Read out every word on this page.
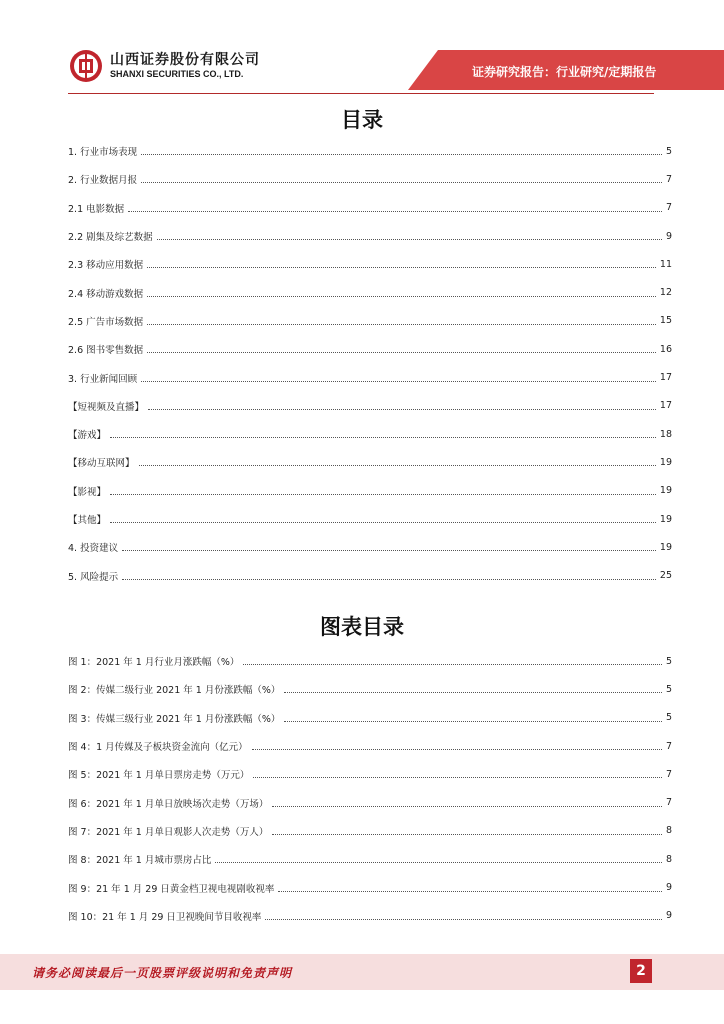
山西证券股份有限公司
SHANXI SECURITIES CO., LTD.	证券研究报告：行业研究/定期报告
目录
1. 行业市场表现	5
2. 行业数据月报	7
2.1 电影数据	7
2.2 剧集及综艺数据	9
2.3 移动应用数据	11
2.4 移动游戏数据	12
2.5 广告市场数据	15
2.6 图书零售数据	16
3. 行业新闻回顾	17
【短视频及直播】	17
【游戏】	18
【移动互联网】	19
【影视】	19
【其他】	19
4. 投资建议	19
5. 风险提示	25
图表目录
图 1：2021 年 1 月行业月涨跌幅（%）	5
图 2：传媒二级行业 2021 年 1 月份涨跌幅（%）	5
图 3：传媒三级行业 2021 年 1 月份涨跌幅（%）	5
图 4：1 月传媒及子板块资金流向（亿元）	7
图 5：2021 年 1 月单日票房走势（万元）	7
图 6：2021 年 1 月单日放映场次走势（万场）	7
图 7：2021 年 1 月单日观影人次走势（万人）	8
图 8：2021 年 1 月城市票房占比	8
图 9：21 年 1 月 29 日黄金档卫视电视剧收视率	9
图 10：21 年 1 月 29 日卫视晚间节目收视率	9
请务必阅读最后一页股票评级说明和免责声明	2
